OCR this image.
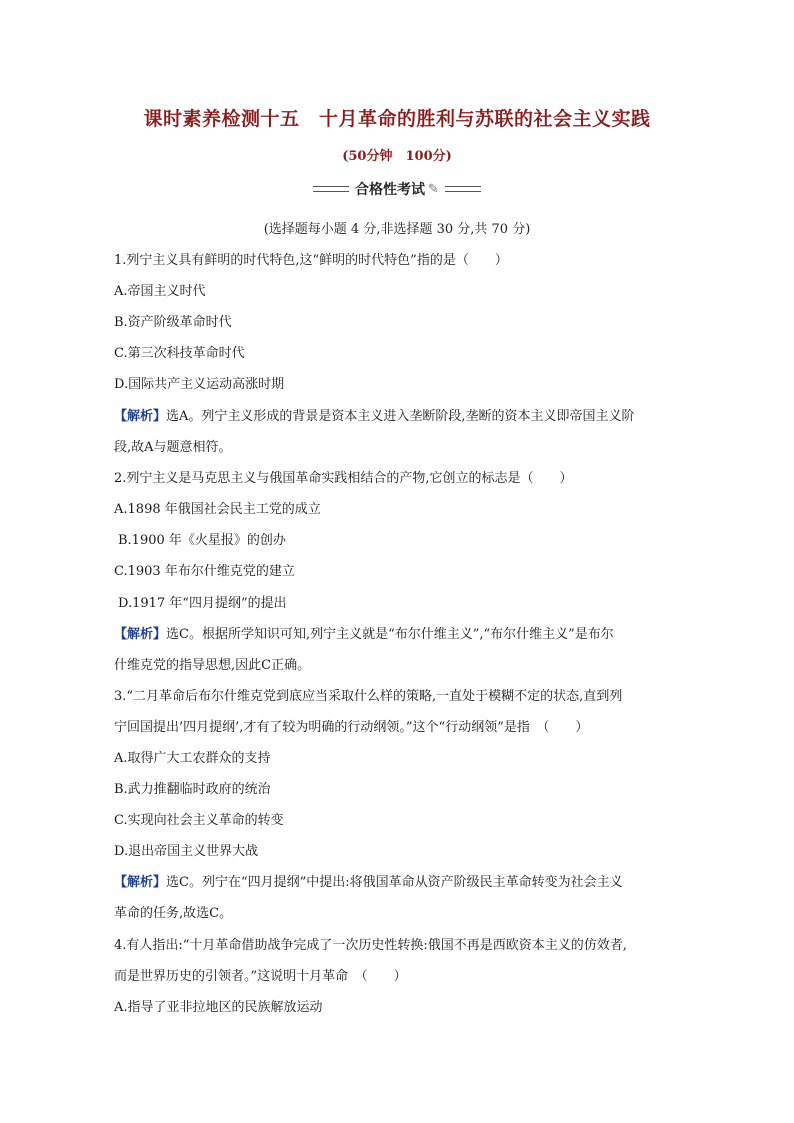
课时素养检测十五　十月革命的胜利与苏联的社会主义实践
(50分钟　100分)
合格性考试 ✎
(选择题每小题 4 分,非选择题 30 分,共 70 分)
1.列宁主义具有鲜明的时代特色,这“鲜明的时代特色”指的是（　　）
A.帝国主义时代
B.资产阶级革命时代
C.第三次科技革命时代
D.国际共产主义运动高涨时期
【解析】选A。列宁主义形成的背景是资本主义进入垄断阶段,垄断的资本主义即帝国主义阶
段,故A与题意相符。
2.列宁主义是马克思主义与俄国革命实践相结合的产物,它创立的标志是（　　）
A.1898 年俄国社会民主工党的成立
B.1900 年《火星报》的创办
C.1903 年布尔什维克党的建立
D.1917 年“四月提纲”的提出
【解析】选C。根据所学知识可知,列宁主义就是“布尔什维主义”,“布尔什维主义”是布尔
什维克党的指导思想,因此C正确。
3.“二月革命后布尔什维克党到底应当采取什么样的策略,一直处于模糊不定的状态,直到列
宁回国提出’四月提纲’,才有了较为明确的行动纲领。”这个“行动纲领”是指　（　　）
A.取得广大工农群众的支持
B.武力推翻临时政府的统治
C.实现向社会主义革命的转变
D.退出帝国主义世界大战
【解析】选C。列宁在“四月提纲”中提出:将俄国革命从资产阶级民主革命转变为社会主义
革命的任务,故选C。
4.有人指出:“十月革命借助战争完成了一次历史性转换:俄国不再是西欧资本主义的仿效者,
而是世界历史的引领者。”这说明十月革命　（　　）
A.指导了亚非拉地区的民族解放运动
